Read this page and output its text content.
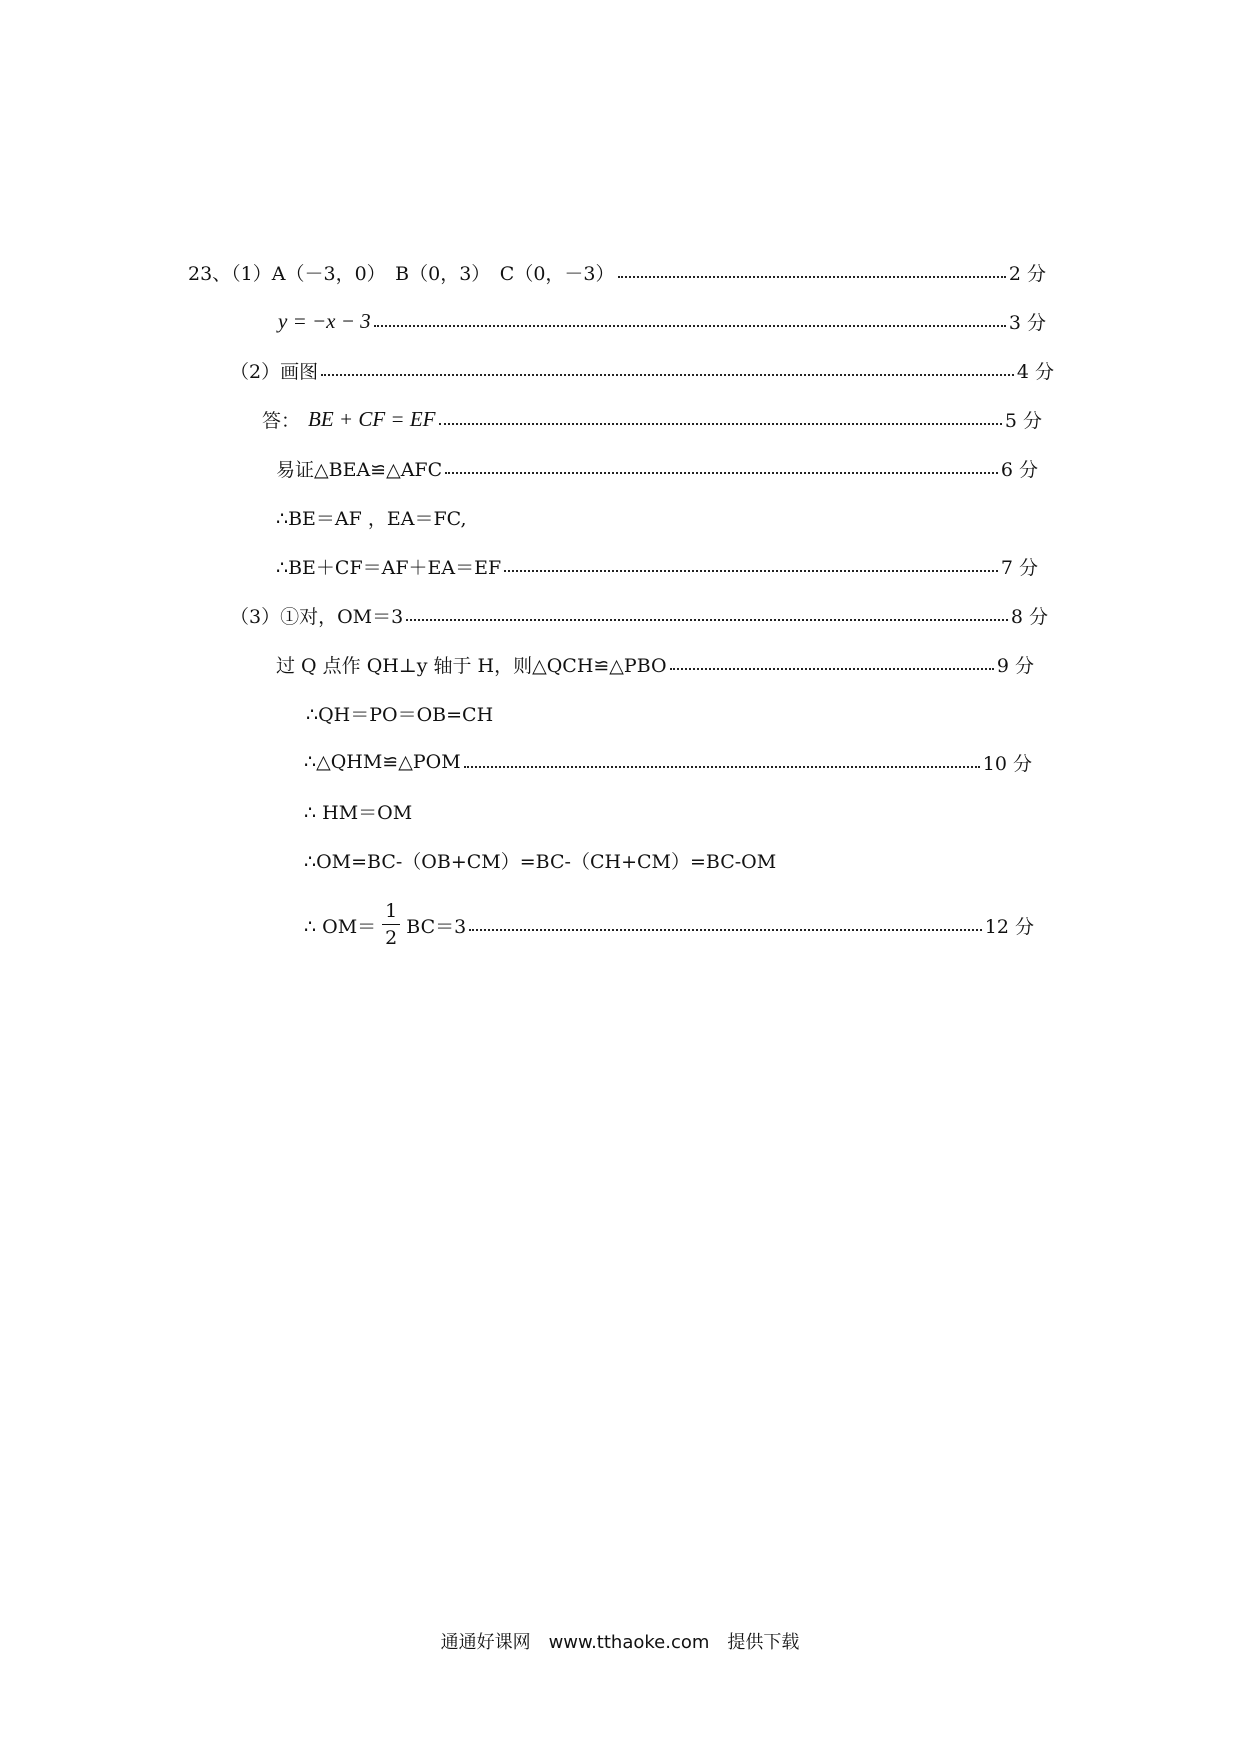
23、（1）A（－3，0）　B（0，3）　C（0，－3）	2 分
y = −x − 3	3 分
（2）画图	4 分
答： BE + CF = EF	5 分
易证△BEA≌△AFC	6 分
∴BE＝AF ，EA＝FC,
∴BE＋CF＝AF＋EA＝EF	7 分
（3）①对，OM＝3	8 分
过 Q 点作 QH⊥y 轴于 H，则△QCH≌△PBO	9 分
∴QH＝PO＝OB=CH
∴△QHM≌△POM	10 分
∴ HM＝OM
∴OM=BC-（OB+CM）=BC-（CH+CM）=BC-OM
∴ $OM= \frac{1}{2} BC=3$	12 分
通通好课网　www.tthaoke.com　提供下载
